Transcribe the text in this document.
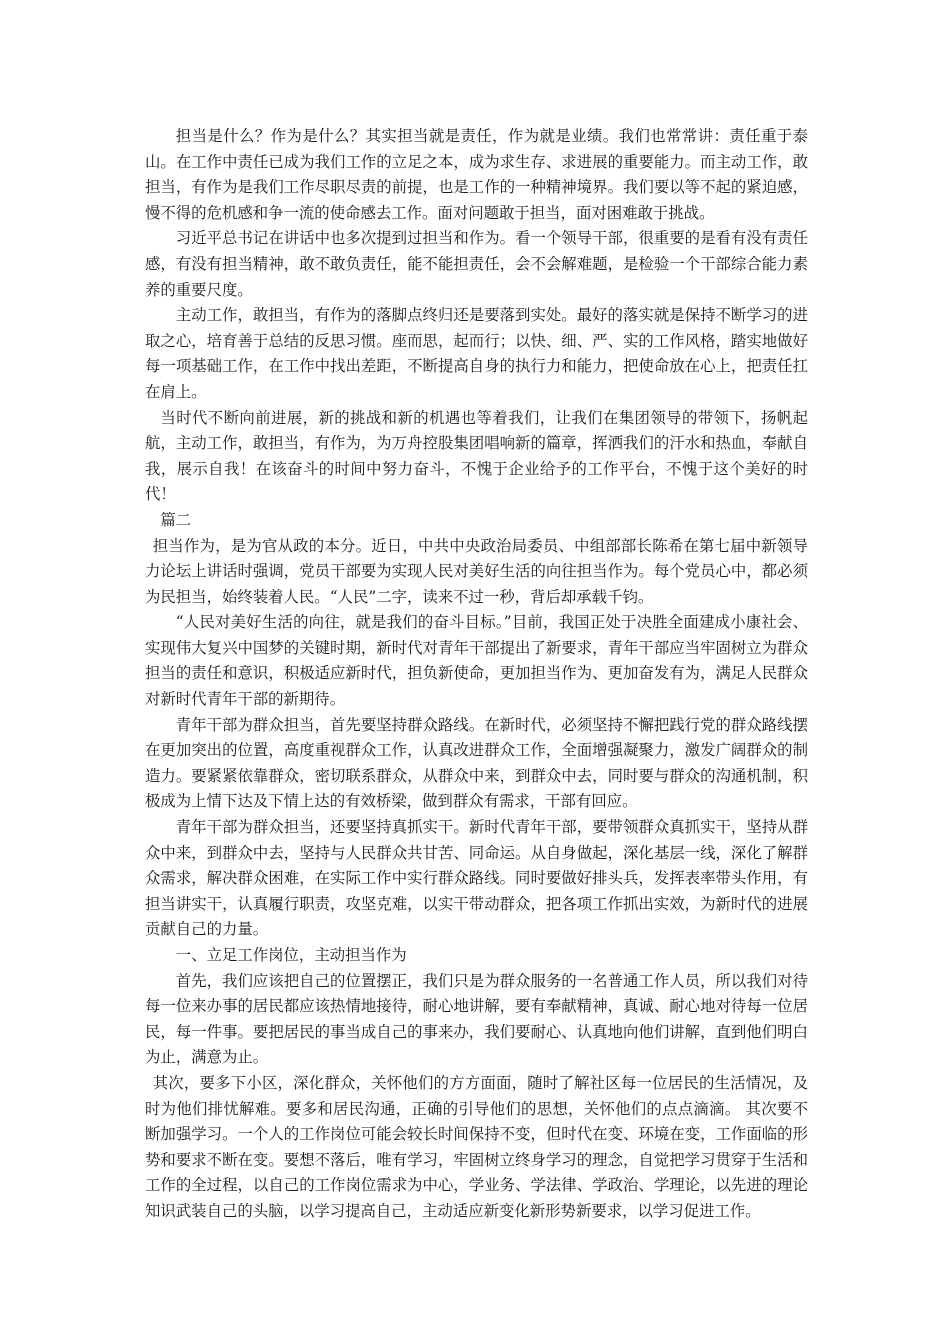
担当是什么？作为是什么？其实担当就是责任，作为就是业绩。我们也常常讲：责任重于泰山。在工作中责任已成为我们工作的立足之本，成为求生存、求进展的重要能力。而主动工作，敢担当，有作为是我们工作尽职尽责的前提，也是工作的一种精神境界。我们要以等不起的紧迫感，慢不得的危机感和争一流的使命感去工作。面对问题敢于担当，面对困难敢于挑战。

习近平总书记在讲话中也多次提到过担当和作为。看一个领导干部，很重要的是看有没有责任感，有没有担当精神，敢不敢负责任，能不能担责任，会不会解难题，是检验一个干部综合能力素养的重要尺度。

主动工作，敢担当，有作为的落脚点终归还是要落到实处。最好的落实就是保持不断学习的进取之心，培育善于总结的反思习惯。座而思，起而行；以快、细、严、实的工作风格，踏实地做好每一项基础工作，在工作中找出差距，不断提高自身的执行力和能力，把使命放在心上，把责任扛在肩上。

当时代不断向前进展，新的挑战和新的机遇也等着我们，让我们在集团领导的带领下，扬帆起航，主动工作，敢担当，有作为，为万舟控股集团唱响新的篇章，挥洒我们的汗水和热血，奉献自我，展示自我！在该奋斗的时间中努力奋斗，不愧于企业给予的工作平台，不愧于这个美好的时代！

篇二

担当作为，是为官从政的本分。近日，中共中央政治局委员、中组部部长陈希在第七届中新领导力论坛上讲话时强调，党员干部要为实现人民对美好生活的向往担当作为。每个党员心中，都必须为民担当，始终装着人民。“人民”二字，读来不过一秒，背后却承载千钧。

“人民对美好生活的向往，就是我们的奋斗目标。”目前，我国正处于决胜全面建成小康社会、实现伟大复兴中国梦的关键时期，新时代对青年干部提出了新要求，青年干部应当牢固树立为群众担当的责任和意识，积极适应新时代，担负新使命，更加担当作为、更加奋发有为，满足人民群众对新时代青年干部的新期待。

青年干部为群众担当，首先要坚持群众路线。在新时代，必须坚持不懈把践行党的群众路线摆在更加突出的位置，高度重视群众工作，认真改进群众工作，全面增强凝聚力，激发广阔群众的制造力。要紧紧依靠群众，密切联系群众，从群众中来，到群众中去，同时要与群众的沟通机制，积极成为上情下达及下情上达的有效桥梁，做到群众有需求，干部有回应。

青年干部为群众担当，还要坚持真抓实干。新时代青年干部，要带领群众真抓实干，坚持从群众中来，到群众中去，坚持与人民群众共甘苦、同命运。从自身做起，深化基层一线，深化了解群众需求，解决群众困难，在实际工作中实行群众路线。同时要做好排头兵，发挥表率带头作用，有担当讲实干，认真履行职责，攻坚克难，以实干带动群众，把各项工作抓出实效，为新时代的进展贡献自己的力量。

一、立足工作岗位，主动担当作为

首先，我们应该把自己的位置摆正，我们只是为群众服务的一名普通工作人员，所以我们对待每一位来办事的居民都应该热情地接待，耐心地讲解，要有奉献精神，真诚、耐心地对待每一位居民，每一件事。要把居民的事当成自己的事来办，我们要耐心、认真地向他们讲解，直到他们明白为止，满意为止。

其次，要多下小区，深化群众，关怀他们的方方面面，随时了解社区每一位居民的生活情况，及时为他们排忧解难。要多和居民沟通，正确的引导他们的思想，关怀他们的点点滴滴。 其次要不断加强学习。一个人的工作岗位可能会较长时间保持不变，但时代在变、环境在变，工作面临的形势和要求不断在变。要想不落后，唯有学习，牢固树立终身学习的理念，自觉把学习贯穿于生活和工作的全过程，以自己的工作岗位需求为中心，学业务、学法律、学政治、学理论，以先进的理论知识武装自己的头脑，以学习提高自己，主动适应新变化新形势新要求，以学习促进工作。
